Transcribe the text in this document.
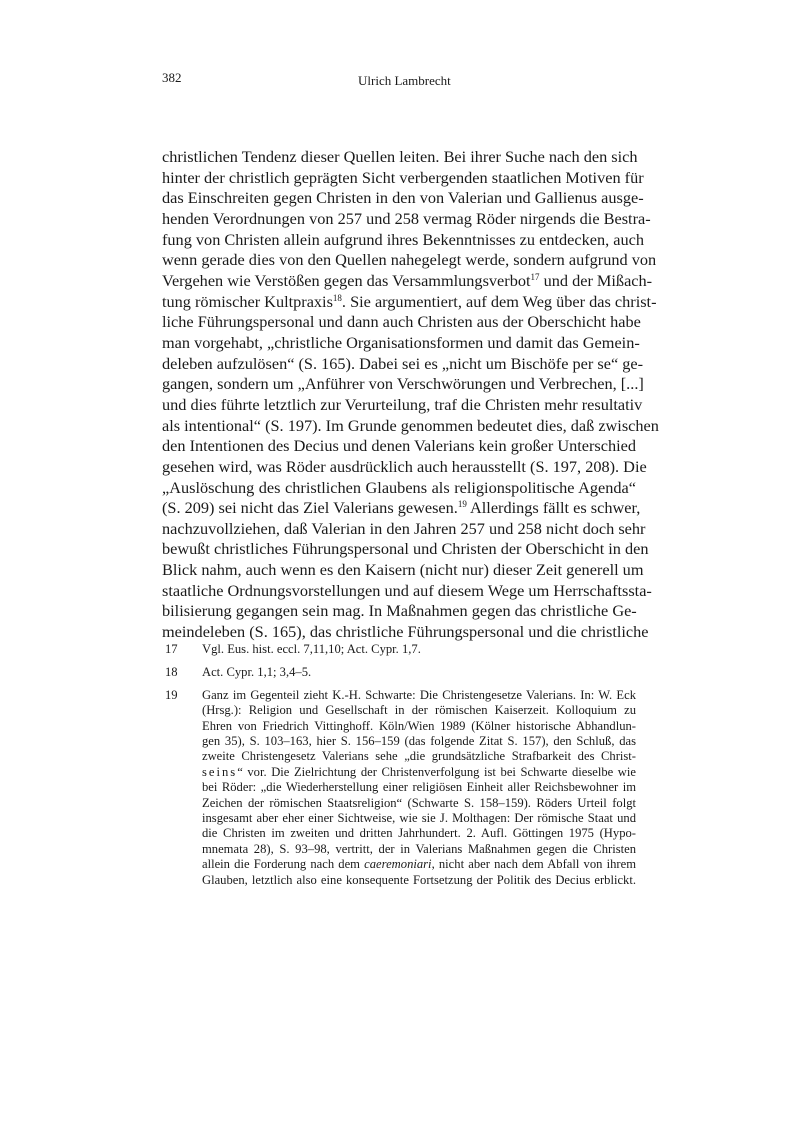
382	Ulrich Lambrecht
christlichen Tendenz dieser Quellen leiten. Bei ihrer Suche nach den sich
hinter der christlich geprägten Sicht verbergenden staatlichen Motiven für
das Einschreiten gegen Christen in den von Valerian und Gallienus ausge-
henden Verordnungen von 257 und 258 vermag Röder nirgends die Bestra-
fung von Christen allein aufgrund ihres Bekenntnisses zu entdecken, auch
wenn gerade dies von den Quellen nahegelegt werde, sondern aufgrund von
Vergehen wie Verstößen gegen das Versammlungsverbot$^{17}$ und der Mißach-
tung römischer Kultpraxis$^{18}$. Sie argumentiert, auf dem Weg über das christ-
liche Führungspersonal und dann auch Christen aus der Oberschicht habe
man vorgehabt, „christliche Organisationsformen und damit das Gemein-
deleben aufzulösen“ (S. 165). Dabei sei es „nicht um Bischöfe per se“ ge-
gangen, sondern um „Anführer von Verschwörungen und Verbrechen, [...]
und dies führte letztlich zur Verurteilung, traf die Christen mehr resultativ
als intentional“ (S. 197). Im Grunde genommen bedeutet dies, daß zwischen
den Intentionen des Decius und denen Valerians kein großer Unterschied
gesehen wird, was Röder ausdrücklich auch herausstellt (S. 197, 208). Die
„Auslöschung des christlichen Glaubens als religionspolitische Agenda“
(S. 209) sei nicht das Ziel Valerians gewesen.$^{19}$ Allerdings fällt es schwer,
nachzuvollziehen, daß Valerian in den Jahren 257 und 258 nicht doch sehr
bewußt christliches Führungspersonal und Christen der Oberschicht in den
Blick nahm, auch wenn es den Kaisern (nicht nur) dieser Zeit generell um
staatliche Ordnungsvorstellungen und auf diesem Wege um Herrschaftssta-
bilisierung gegangen sein mag. In Maßnahmen gegen das christliche Ge-
meindeleben (S. 165), das christliche Führungspersonal und die christliche
17 Vgl. Eus. hist. eccl. 7,11,10; Act. Cypr. 1,7.
18 Act. Cypr. 1,1; 3,4–5.
19 Ganz im Gegenteil zieht K.-H. Schwarte: Die Christengesetze Valerians. In: W. Eck
(Hrsg.): Religion und Gesellschaft in der römischen Kaiserzeit. Kolloquium zu
Ehren von Friedrich Vittinghoff. Köln/Wien 1989 (Kölner historische Abhandlun-
gen 35), S. 103–163, hier S. 156–159 (das folgende Zitat S. 157), den Schluß, das
zweite Christengesetz Valerians sehe „die grundsätzliche Strafbarkeit des Christ-
seins“ vor. Die Zielrichtung der Christenverfolgung ist bei Schwarte dieselbe wie
bei Röder: „die Wiederherstellung einer religiösen Einheit aller Reichsbewohner im
Zeichen der römischen Staatsreligion“ (Schwarte S. 158–159). Röders Urteil folgt
insgesamt aber eher einer Sichtweise, wie sie J. Molthagen: Der römische Staat und
die Christen im zweiten und dritten Jahrhundert. 2. Aufl. Göttingen 1975 (Hypo-
mnemata 28), S. 93–98, vertritt, der in Valerians Maßnahmen gegen die Christen
allein die Forderung nach dem caeremoniari, nicht aber nach dem Abfall von ihrem
Glauben, letztlich also eine konsequente Fortsetzung der Politik des Decius erblickt.
